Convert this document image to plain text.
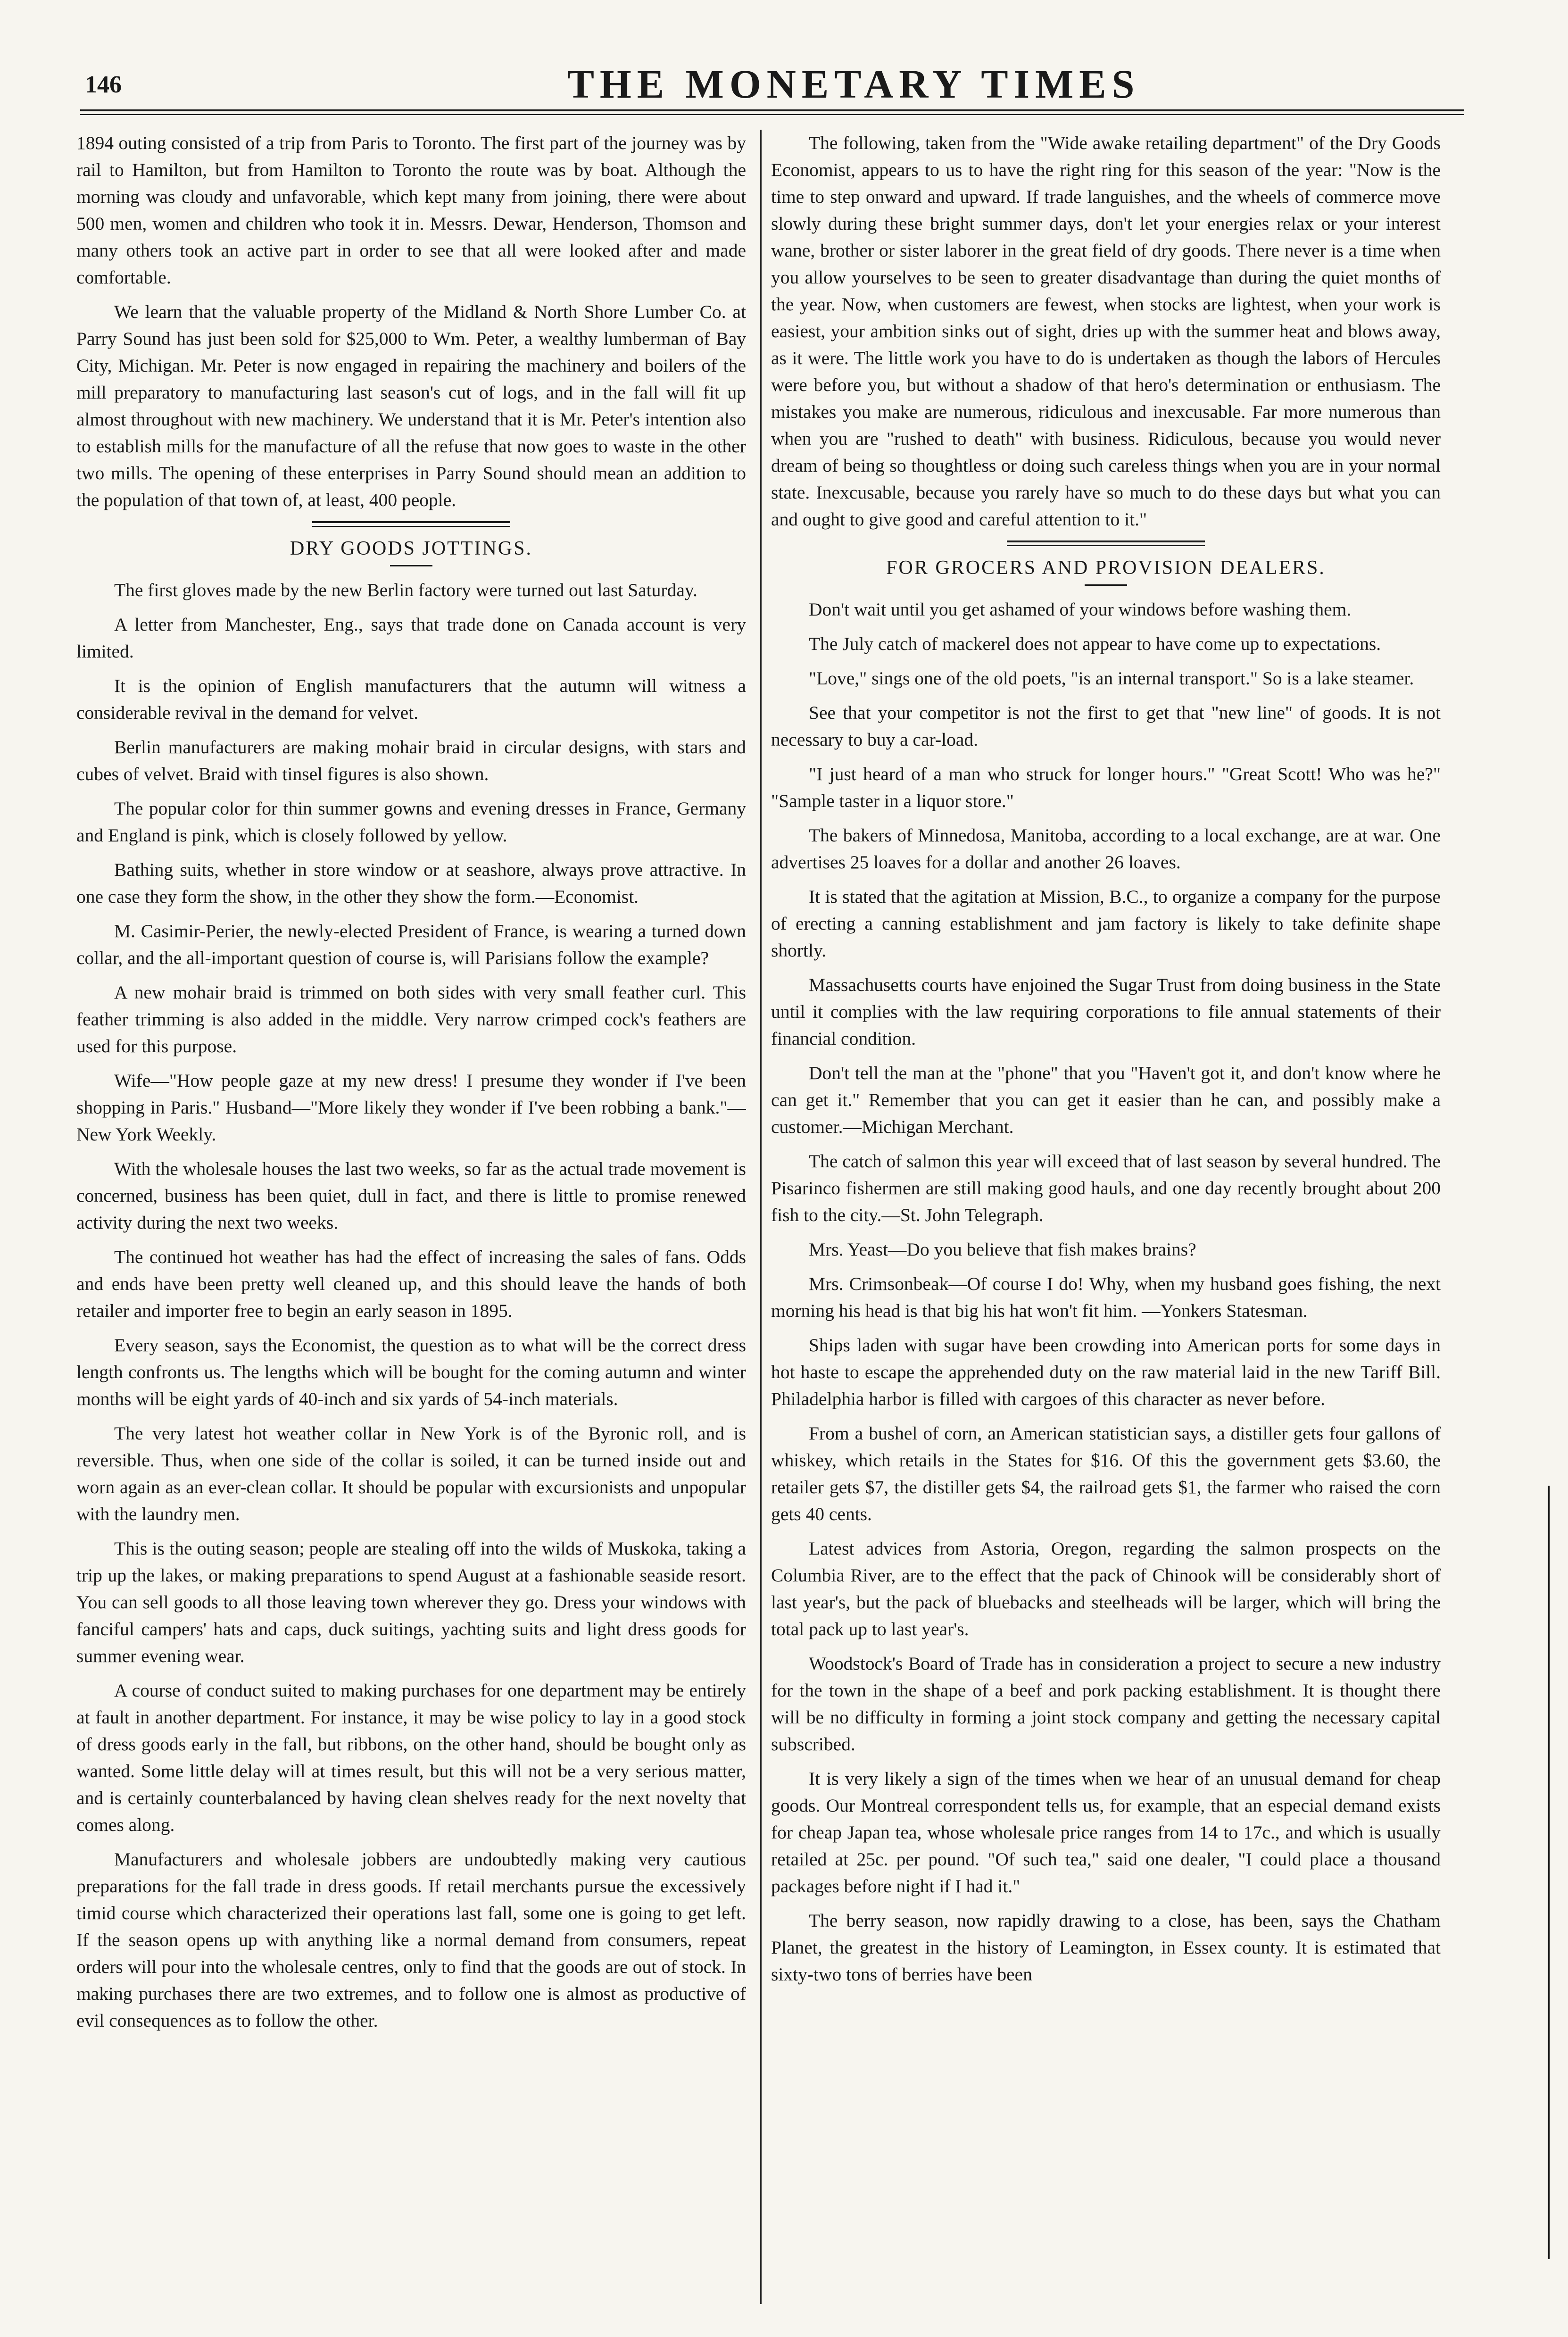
146	THE MONETARY TIMES

1894 outing consisted of a trip from Paris to Toronto. The first part of the journey was by rail to Hamilton, but from Hamilton to Toronto the route was by boat. Although the morning was cloudy and unfavorable, which kept many from joining, there were about 500 men, women and children who took it in. Messrs. Dewar, Henderson, Thomson and many others took an active part in order to see that all were looked after and made comfortable.

We learn that the valuable property of the Midland & North Shore Lumber Co. at Parry Sound has just been sold for $25,000 to Wm. Peter, a wealthy lumberman of Bay City, Michigan. Mr. Peter is now engaged in repairing the machinery and boilers of the mill preparatory to manufacturing last season's cut of logs, and in the fall will fit up almost throughout with new machinery. We understand that it is Mr. Peter's intention also to establish mills for the manufacture of all the refuse that now goes to waste in the other two mills. The opening of these enterprises in Parry Sound should mean an addition to the population of that town of, at least, 400 people.

DRY GOODS JOTTINGS.

The first gloves made by the new Berlin factory were turned out last Saturday.

A letter from Manchester, Eng., says that trade done on Canada account is very limited.

It is the opinion of English manufacturers that the autumn will witness a considerable revival in the demand for velvet.

Berlin manufacturers are making mohair braid in circular designs, with stars and cubes of velvet. Braid with tinsel figures is also shown.

The popular color for thin summer gowns and evening dresses in France, Germany and England is pink, which is closely followed by yellow.

Bathing suits, whether in store window or at seashore, always prove attractive. In one case they form the show, in the other they show the form.—Economist.

M. Casimir-Perier, the newly-elected President of France, is wearing a turned down collar, and the all-important question of course is, will Parisians follow the example?

A new mohair braid is trimmed on both sides with very small feather curl. This feather trimming is also added in the middle. Very narrow crimped cock's feathers are used for this purpose.

Wife—"How people gaze at my new dress! I presume they wonder if I've been shopping in Paris." Husband—"More likely they wonder if I've been robbing a bank."—New York Weekly.

With the wholesale houses the last two weeks, so far as the actual trade movement is concerned, business has been quiet, dull in fact, and there is little to promise renewed activity during the next two weeks.

The continued hot weather has had the effect of increasing the sales of fans. Odds and ends have been pretty well cleaned up, and this should leave the hands of both retailer and importer free to begin an early season in 1895.

Every season, says the Economist, the question as to what will be the correct dress length confronts us. The lengths which will be bought for the coming autumn and winter months will be eight yards of 40-inch and six yards of 54-inch materials.

The very latest hot weather collar in New York is of the Byronic roll, and is reversible. Thus, when one side of the collar is soiled, it can be turned inside out and worn again as an ever-clean collar. It should be popular with excursionists and unpopular with the laundry men.

This is the outing season; people are stealing off into the wilds of Muskoka, taking a trip up the lakes, or making preparations to spend August at a fashionable seaside resort. You can sell goods to all those leaving town wherever they go. Dress your windows with fanciful campers' hats and caps, duck suitings, yachting suits and light dress goods for summer evening wear.

A course of conduct suited to making purchases for one department may be entirely at fault in another department. For instance, it may be wise policy to lay in a good stock of dress goods early in the fall, but ribbons, on the other hand, should be bought only as wanted. Some little delay will at times result, but this will not be a very serious matter, and is certainly counterbalanced by having clean shelves ready for the next novelty that comes along.

Manufacturers and wholesale jobbers are undoubtedly making very cautious preparations for the fall trade in dress goods. If retail merchants pursue the excessively timid course which characterized their operations last fall, some one is going to get left. If the season opens up with anything like a normal demand from consumers, repeat orders will pour into the wholesale centres, only to find that the goods are out of stock. In making purchases there are two extremes, and to follow one is almost as productive of evil consequences as to follow the other.

The following, taken from the "Wide awake retailing department" of the Dry Goods Economist, appears to us to have the right ring for this season of the year: "Now is the time to step onward and upward. If trade languishes, and the wheels of commerce move slowly during these bright summer days, don't let your energies relax or your interest wane, brother or sister laborer in the great field of dry goods. There never is a time when you allow yourselves to be seen to greater disadvantage than during the quiet months of the year. Now, when customers are fewest, when stocks are lightest, when your work is easiest, your ambition sinks out of sight, dries up with the summer heat and blows away, as it were. The little work you have to do is undertaken as though the labors of Hercules were before you, but without a shadow of that hero's determination or enthusiasm. The mistakes you make are numerous, ridiculous and inexcusable. Far more numerous than when you are "rushed to death" with business. Ridiculous, because you would never dream of being so thoughtless or doing such careless things when you are in your normal state. Inexcusable, because you rarely have so much to do these days but what you can and ought to give good and careful attention to it."

FOR GROCERS AND PROVISION DEALERS.

Don't wait until you get ashamed of your windows before washing them.

The July catch of mackerel does not appear to have come up to expectations.

"Love," sings one of the old poets, "is an internal transport." So is a lake steamer.

See that your competitor is not the first to get that "new line" of goods. It is not necessary to buy a car-load.

"I just heard of a man who struck for longer hours." "Great Scott! Who was he?" "Sample taster in a liquor store."

The bakers of Minnedosa, Manitoba, according to a local exchange, are at war. One advertises 25 loaves for a dollar and another 26 loaves.

It is stated that the agitation at Mission, B.C., to organize a company for the purpose of erecting a canning establishment and jam factory is likely to take definite shape shortly.

Massachusetts courts have enjoined the Sugar Trust from doing business in the State until it complies with the law requiring corporations to file annual statements of their financial condition.

Don't tell the man at the "phone" that you "Haven't got it, and don't know where he can get it." Remember that you can get it easier than he can, and possibly make a customer.—Michigan Merchant.

The catch of salmon this year will exceed that of last season by several hundred. The Pisarinco fishermen are still making good hauls, and one day recently brought about 200 fish to the city.—St. John Telegraph.

Mrs. Yeast—Do you believe that fish makes brains?

Mrs. Crimsonbeak—Of course I do! Why, when my husband goes fishing, the next morning his head is that big his hat won't fit him. —Yonkers Statesman.

Ships laden with sugar have been crowding into American ports for some days in hot haste to escape the apprehended duty on the raw material laid in the new Tariff Bill. Philadelphia harbor is filled with cargoes of this character as never before.

From a bushel of corn, an American statistician says, a distiller gets four gallons of whiskey, which retails in the States for $16. Of this the government gets $3.60, the retailer gets $7, the distiller gets $4, the railroad gets $1, the farmer who raised the corn gets 40 cents.

Latest advices from Astoria, Oregon, regarding the salmon prospects on the Columbia River, are to the effect that the pack of Chinook will be considerably short of last year's, but the pack of bluebacks and steelheads will be larger, which will bring the total pack up to last year's.

Woodstock's Board of Trade has in consideration a project to secure a new industry for the town in the shape of a beef and pork packing establishment. It is thought there will be no difficulty in forming a joint stock company and getting the necessary capital subscribed.

It is very likely a sign of the times when we hear of an unusual demand for cheap goods. Our Montreal correspondent tells us, for example, that an especial demand exists for cheap Japan tea, whose wholesale price ranges from 14 to 17c., and which is usually retailed at 25c. per pound. "Of such tea," said one dealer, "I could place a thousand packages before night if I had it."

The berry season, now rapidly drawing to a close, has been, says the Chatham Planet, the greatest in the history of Leamington, in Essex county. It is estimated that sixty-two tons of berries have been
